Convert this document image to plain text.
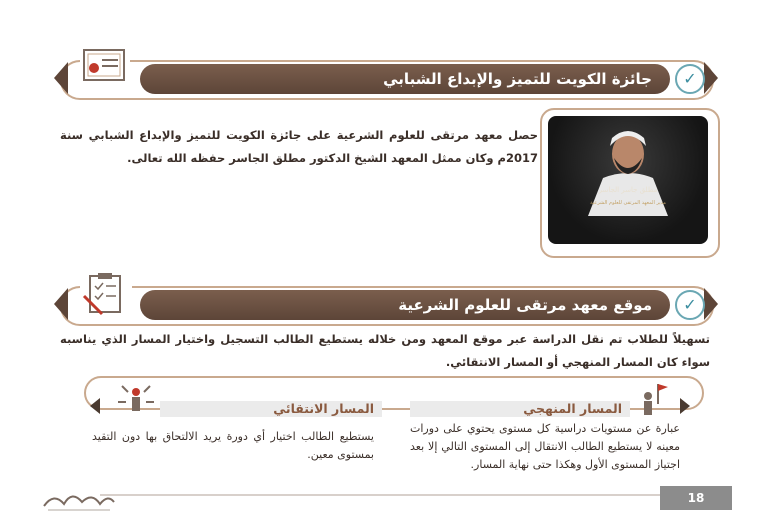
جائزة الكويت للتميز والإبداع الشبابي	✓
حصل معهد مرتقى للعلوم الشرعية على جائزة الكويت للتميز والإبداع الشبابي سنة 2017م وكان ممثل المعهد الشيخ الدكتور مطلق الجاسر حفظه الله تعالى.
مطلق جاسر الجاسر
مدير المعهد المرتقى للعلوم الشرعية
موقع معهد مرتقى للعلوم الشرعية	✓
تسهيلاً للطلاب تم نقل الدراسة عبر موقع المعهد ومن خلاله يستطيع الطالب التسجيل واختيار المسار الذي يناسبه سواء كان المسار المنهجي أو المسار الانتقائي.
المسار الانتقائي
يستطيع الطالب اختيار أي دورة يريد الالتحاق بها دون التقيد بمستوى معين.
المسار المنهجي
عبارة عن مستويات دراسية كل مستوى يحتوي على دورات معينه لا يستطيع الطالب الانتقال إلى المستوى التالي إلا بعد اجتياز المستوى الأول وهكذا حتى نهاية المسار.
18
